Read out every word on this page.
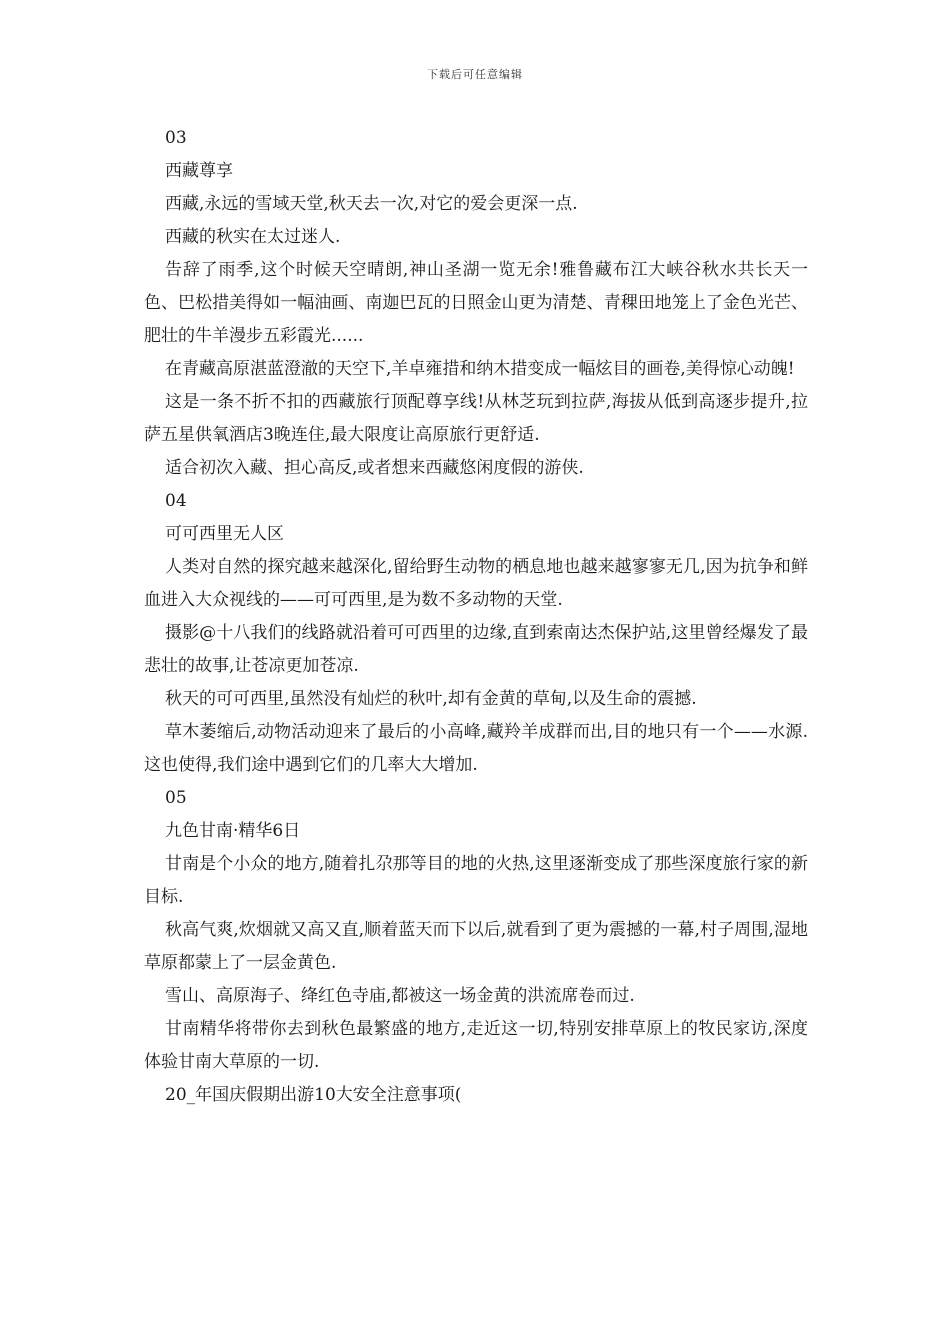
下载后可任意编辑

03

西藏尊享

西藏,永远的雪域天堂,秋天去一次,对它的爱会更深一点.

西藏的秋实在太过迷人.

告辞了雨季,这个时候天空晴朗,神山圣湖一览无余!雅鲁藏布江大峡谷秋水共长天一色、巴松措美得如一幅油画、南迦巴瓦的日照金山更为清楚、青稞田地笼上了金色光芒、肥壮的牛羊漫步五彩霞光......

在青藏高原湛蓝澄澈的天空下,羊卓雍措和纳木措变成一幅炫目的画卷,美得惊心动魄!

这是一条不折不扣的西藏旅行顶配尊享线!从林芝玩到拉萨,海拔从低到高逐步提升,拉萨五星供氧酒店3晚连住,最大限度让高原旅行更舒适.

适合初次入藏、担心高反,或者想来西藏悠闲度假的游侠.

04

可可西里无人区

人类对自然的探究越来越深化,留给野生动物的栖息地也越来越寥寥无几,因为抗争和鲜血进入大众视线的——可可西里,是为数不多动物的天堂.

摄影@十八我们的线路就沿着可可西里的边缘,直到索南达杰保护站,这里曾经爆发了最悲壮的故事,让苍凉更加苍凉.

秋天的可可西里,虽然没有灿烂的秋叶,却有金黄的草甸,以及生命的震撼.

草木萎缩后,动物活动迎来了最后的小高峰,藏羚羊成群而出,目的地只有一个——水源.这也使得,我们途中遇到它们的几率大大增加.

05

九色甘南·精华6日

甘南是个小众的地方,随着扎尕那等目的地的火热,这里逐渐变成了那些深度旅行家的新目标.

秋高气爽,炊烟就又高又直,顺着蓝天而下以后,就看到了更为震撼的一幕,村子周围,湿地草原都蒙上了一层金黄色.

雪山、高原海子、绛红色寺庙,都被这一场金黄的洪流席卷而过.

甘南精华将带你去到秋色最繁盛的地方,走近这一切,特别安排草原上的牧民家访,深度体验甘南大草原的一切.

20_年国庆假期出游10大安全注意事项(
